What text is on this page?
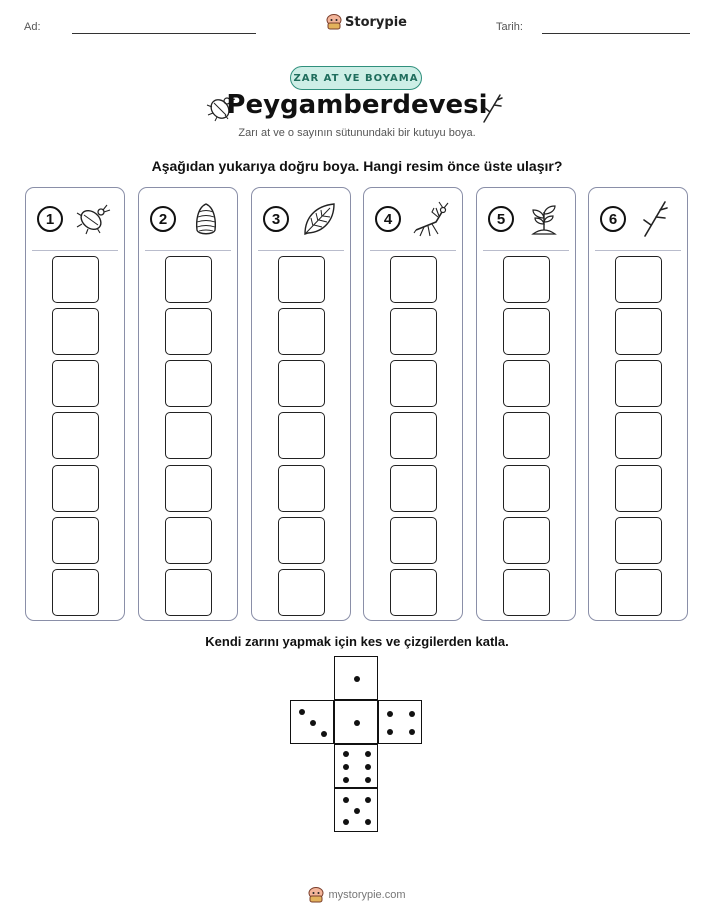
Ad:	Storypie	Tarih:
ZAR AT VE BOYAMA
Peygamberdevesi
Zarı at ve o sayının sütunundaki bir kutuyu boya.
Aşağıdan yukarıya doğru boya. Hangi resim önce üste ulaşır?
1	2	3	4	5	6
Kendi zarını yapmak için kes ve çizgilerden katla.
mystorypie.com
